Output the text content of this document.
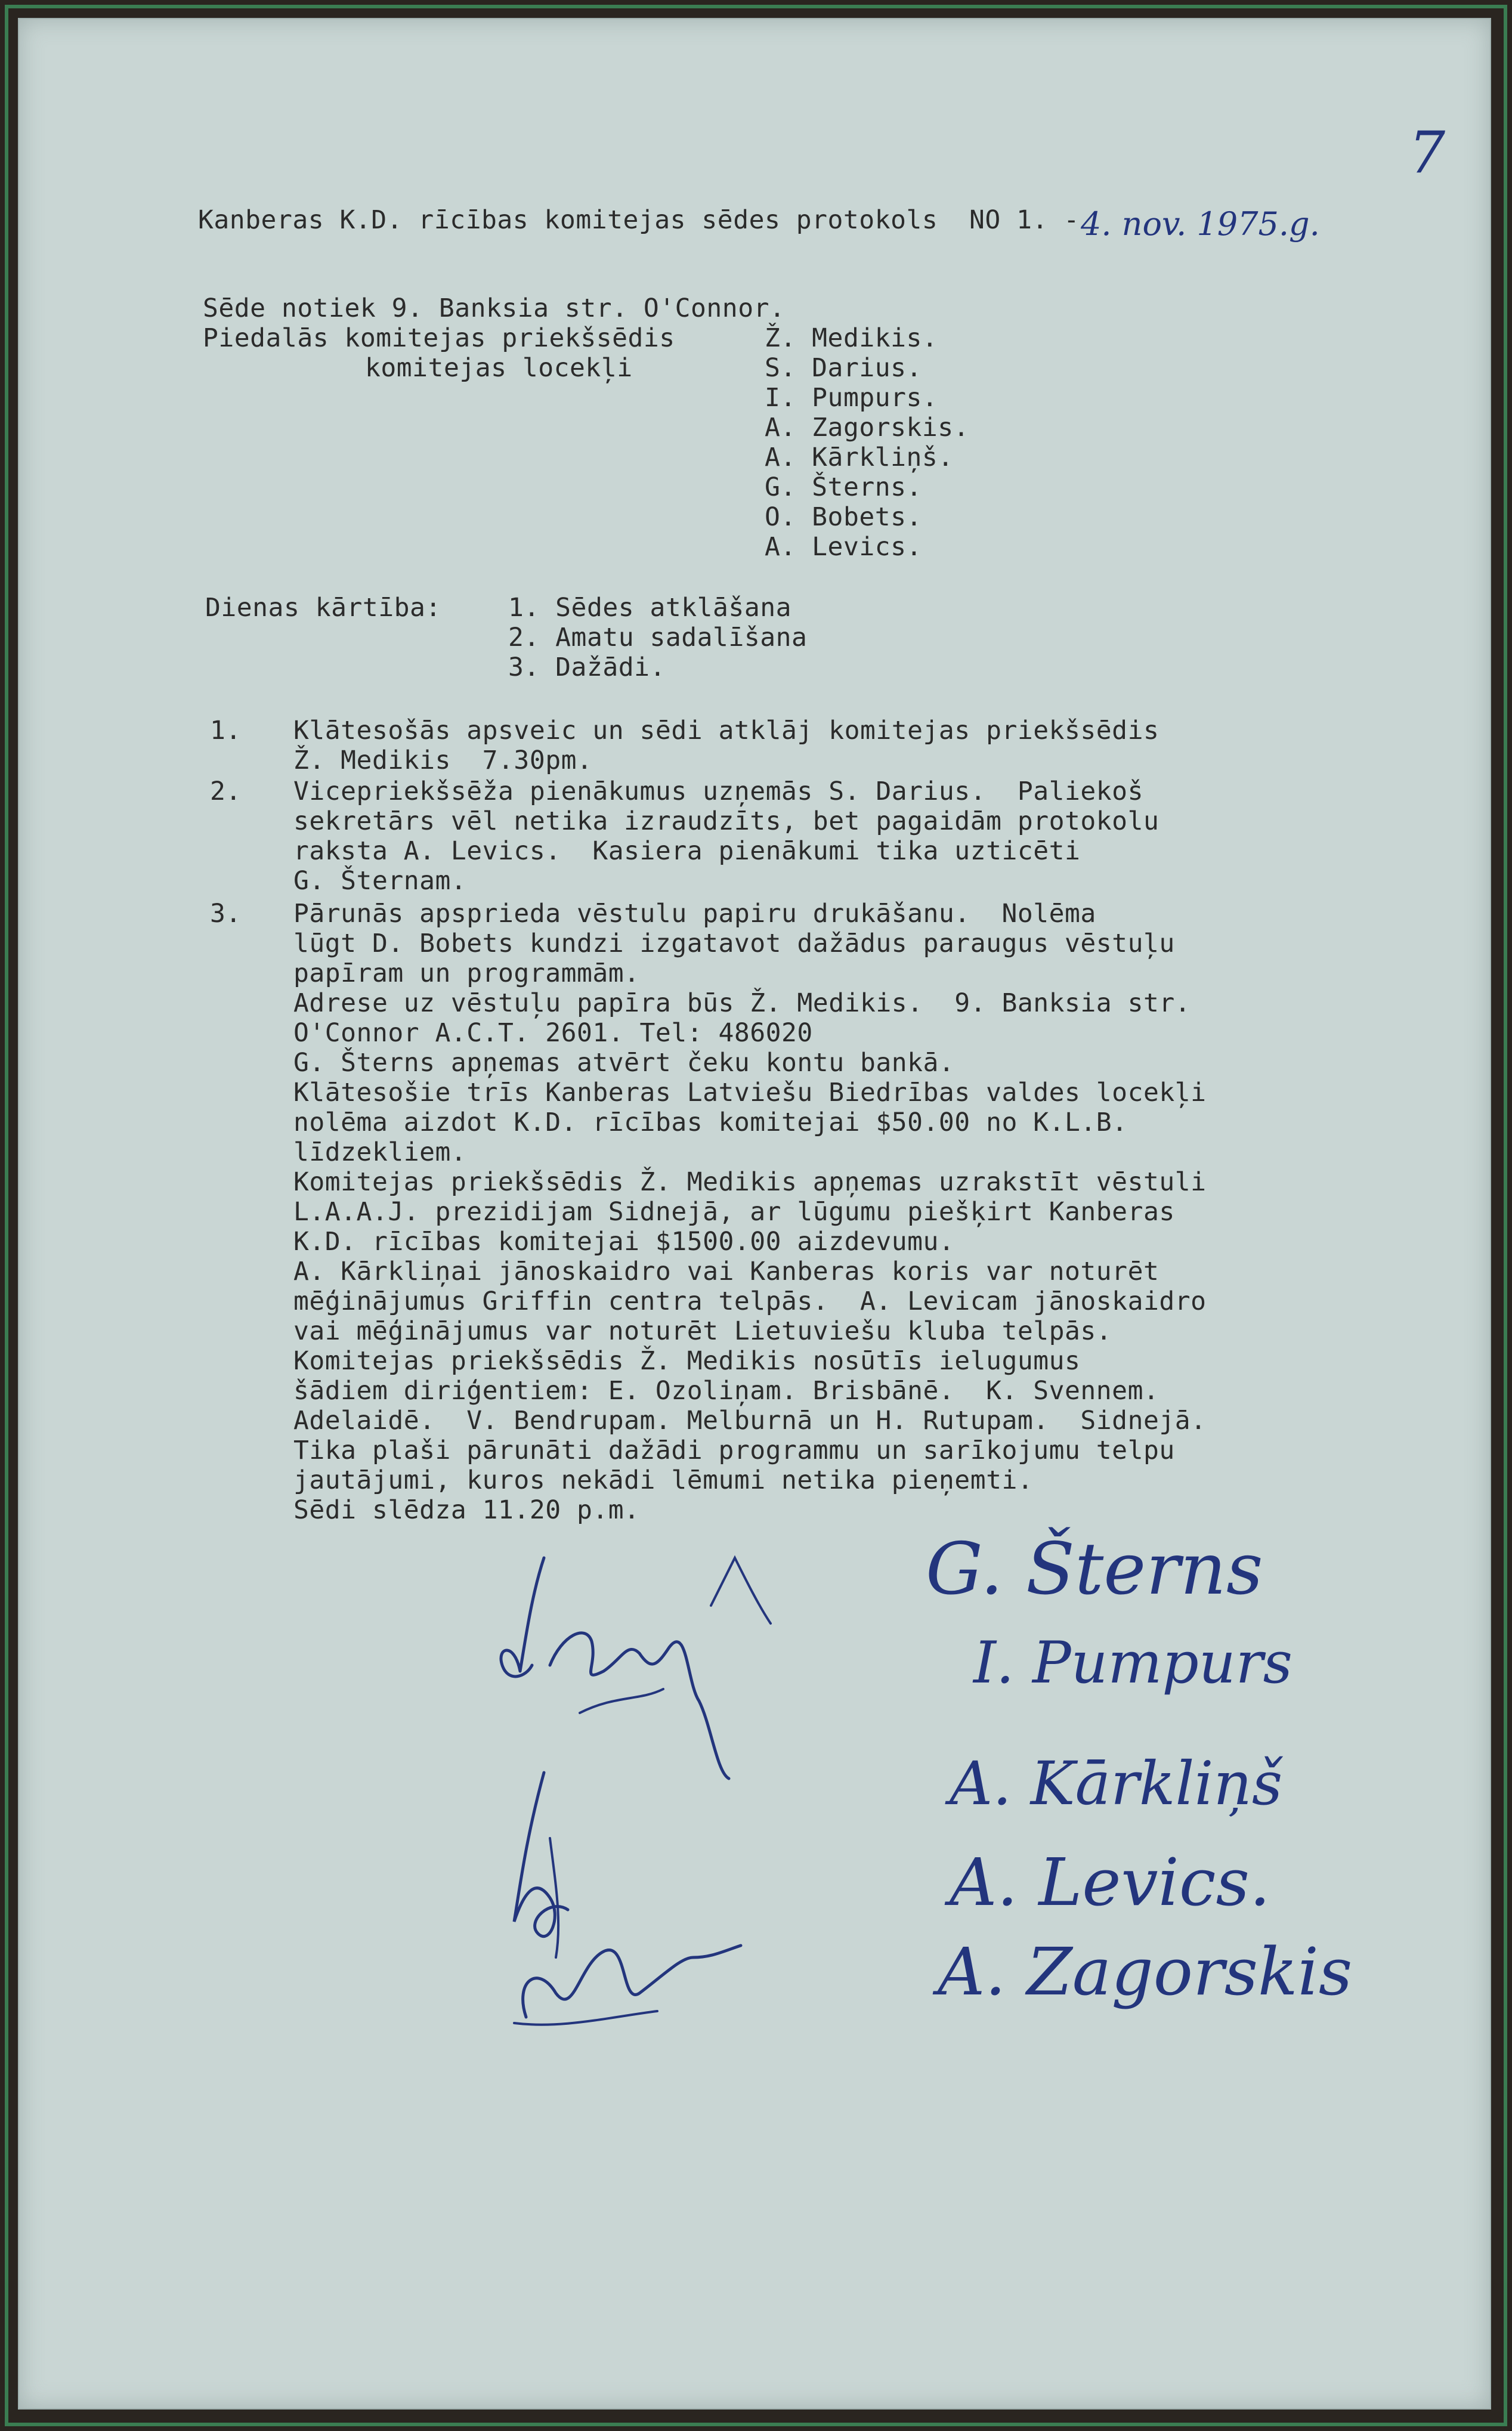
7
Kanberas K.D. rīcības komitejas sēdes protokols  NO 1. - 4. nov. 1975.g.
Sēde notiek 9. Banksia str. O'Connor.
Piedalās komitejas priekšsēdis
komitejas locekļi
Ž. Medikis.
S. Darius.
I. Pumpurs.
A. Zagorskis.
A. Kārkliņš.
G. Šterns.
O. Bobets.
A. Levics.
Dienas kārtība:	1. Sēdes atklāšana
2. Amatu sadalīšana
3. Dažādi.
1. Klātesošās apsveic un sēdi atklāj komitejas priekšsēdis
Ž. Medikis  7.30pm.
2. Vicepriekšsēža pienākumus uzņemās S. Darius.  Paliekoš
sekretārs vēl netika izraudzīts, bet pagaidām protokolu
raksta A. Levics.  Kasiera pienākumi tika uzticēti
G. Šternam.
3. Pārunās apsprieda vēstulu papiru drukāšanu.  Nolēma
lūgt D. Bobets kundzi izgatavot dažādus paraugus vēstuļu
papīram un programmām.
Adrese uz vēstuļu papīra būs Ž. Medikis.  9. Banksia str.
O'Connor A.C.T. 2601. Tel: 486020
G. Šterns apņemas atvērt čeku kontu bankā.
Klātesošie trīs Kanberas Latviešu Biedrības valdes locekļi
nolēma aizdot K.D. rīcības komitejai $50.00 no K.L.B.
līdzekliem.
Komitejas priekšsēdis Ž. Medikis apņemas uzrakstīt vēstuli
L.A.A.J. prezidijam Sidnejā, ar lūgumu piešķirt Kanberas
K.D. rīcības komitejai $1500.00 aizdevumu.
A. Kārkliņai jānoskaidro vai Kanberas koris var noturēt
mēģinājumus Griffin centra telpās.  A. Levicam jānoskaidro
vai mēģinājumus var noturēt Lietuviešu kluba telpās.
Komitejas priekšsēdis Ž. Medikis nosūtīs ielugumus
šādiem diriģentiem: E. Ozoliņam. Brisbānē.  K. Svennem.
Adelaidē.  V. Bendrupam. Melburnā un H. Rutupam.  Sidnejā.
Tika plaši pārunāti dažādi programmu un sarīkojumu telpu
jautājumi, kuros nekādi lēmumi netika pieņemti.
Sēdi slēdza 11.20 p.m.
G. Šterns
I. Pumpurs
A. Kārkliņš
A. Levics.
A. Zagorskis
